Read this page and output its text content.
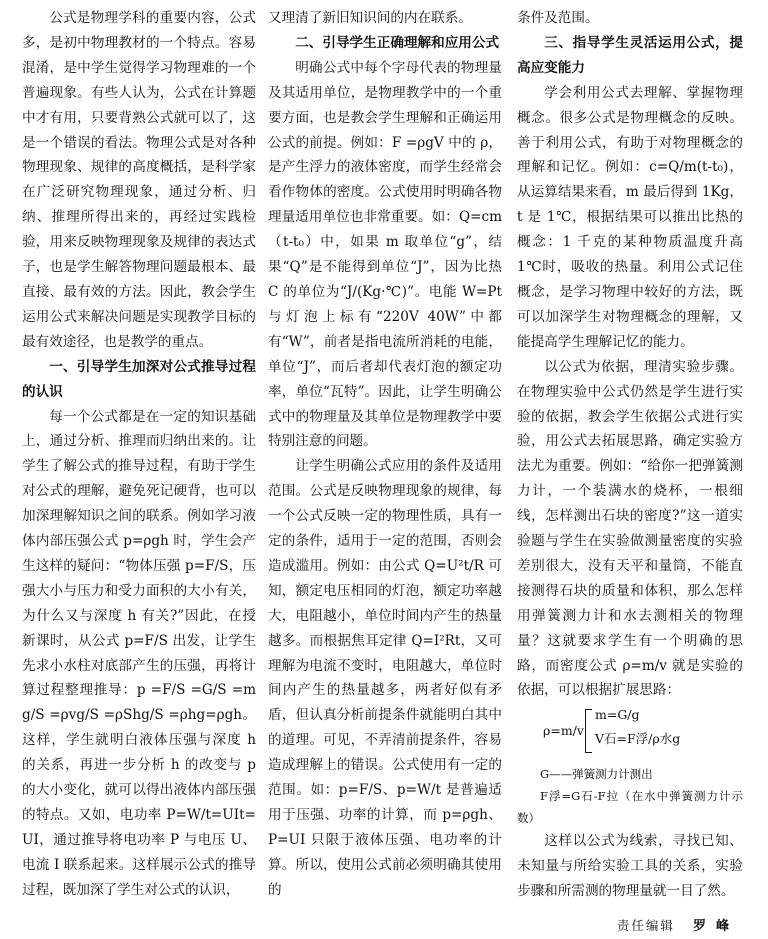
公式是物理学科的重要内容，公式多，是初中物理教材的一个特点。容易混淆，是中学生觉得学习物理难的一个普遍现象。有些人认为，公式在计算题中才有用，只要背熟公式就可以了，这是一个错误的看法。物理公式是对各种物理现象、规律的高度概括，是科学家在广泛研究物理现象，通过分析、归纳、推理所得出来的，再经过实践检验，用来反映物理现象及规律的表达式子，也是学生解答物理问题最根本、最直接、最有效的方法。因此，教会学生运用公式来解决问题是实现教学目标的最有效途径，也是教学的重点。

一、引导学生加深对公式推导过程的认识

每一个公式都是在一定的知识基础上，通过分析、推理而归纳出来的。让学生了解公式的推导过程，有助于学生对公式的理解，避免死记硬背，也可以加深理解知识之间的联系。例如学习液体内部压强公式 p=ρgh 时，学生会产生这样的疑问：“物体压强 p=F/S，压强大小与压力和受力面积的大小有关，为什么又与深度 h 有关?”因此，在授新课时，从公式 p=F/S 出发，让学生先求小水柱对底部产生的压强，再将计算过程整理推导：p =F/S =G/S =mg/S =ρvg/S =ρShg/S =ρhg=ρgh。这样，学生就明白液体压强与深度 h 的关系，再进一步分析 h 的改变与 p 的大小变化，就可以得出液体内部压强的特点。又如，电功率 P=W/t=UIt=UI，通过推导将电功率 P 与电压 U、电流 I 联系起来。这样展示公式的推导过程，既加深了学生对公式的认识，

又理清了新旧知识间的内在联系。

二、引导学生正确理解和应用公式

明确公式中每个字母代表的物理量及其适用单位，是物理教学中的一个重要方面，也是教会学生理解和正确运用公式的前提。例如：F =ρgV 中的 ρ，是产生浮力的液体密度，而学生经常会看作物体的密度。公式使用时明确各物理量适用单位也非常重要。如：Q=cm（t-t₀）中，如果 m 取单位“g”，结果“Q”是不能得到单位“J”，因为比热 C 的单位为“J/(Kg·℃)”。电能 W=Pt 与灯泡上标有“220V 40W”中都有“W”，前者是指电流所消耗的电能，单位“J”，而后者却代表灯泡的额定功率，单位“瓦特”。因此，让学生明确公式中的物理量及其单位是物理教学中要特别注意的问题。

让学生明确公式应用的条件及适用范围。公式是反映物理现象的规律，每一个公式反映一定的物理性质，具有一定的条件，适用于一定的范围，否则会造成滥用。例如：由公式 Q=U²t/R 可知，额定电压相同的灯泡，额定功率越大，电阻越小，单位时间内产生的热量越多。而根据焦耳定律 Q=I²Rt，又可理解为电流不变时，电阻越大，单位时间内产生的热量越多，两者好似有矛盾，但认真分析前提条件就能明白其中的道理。可见，不弄清前提条件，容易造成理解上的错误。公式使用有一定的范围。如：p=F/S、p=W/t 是普遍适用于压强、功率的计算，而 p=ρgh、P=UI 只限于液体压强、电功率的计算。所以，使用公式前必须明确其使用的

条件及范围。

三、指导学生灵活运用公式，提高应变能力

学会利用公式去理解、掌握物理概念。很多公式是物理概念的反映。善于利用公式，有助于对物理概念的理解和记忆。例如：c=Q/m(t-t₀)，从运算结果来看，m 最后得到 1Kg，t 是 1℃，根据结果可以推出比热的概念：1 千克的某种物质温度升高 1℃时，吸收的热量。利用公式记住概念，是学习物理中较好的方法，既可以加深学生对物理概念的理解，又能提高学生理解记忆的能力。

以公式为依据，理清实验步骤。在物理实验中公式仍然是学生进行实验的依据，教会学生依据公式进行实验，用公式去拓展思路，确定实验方法尤为重要。例如：“给你一把弹簧测力计，一个装满水的烧杯，一根细线，怎样测出石块的密度?”这一道实验题与学生在实验做测量密度的实验差别很大，没有天平和量筒，不能直接测得石块的质量和体积，那么怎样用弹簧测力计和水去测相关的物理量？这就要求学生有一个明确的思路，而密度公式 ρ=m/v 就是实验的依据，可以根据扩展思路：

ρ=m/v
m=G/g
V石=F浮/ρ水g

G——弹簧测力计测出

F浮=G石-F拉（在水中弹簧测力计示数）

这样以公式为线索，寻找已知、未知量与所给实验工具的关系，实验步骤和所需测的物理量就一目了然。

责任编辑 罗峰
